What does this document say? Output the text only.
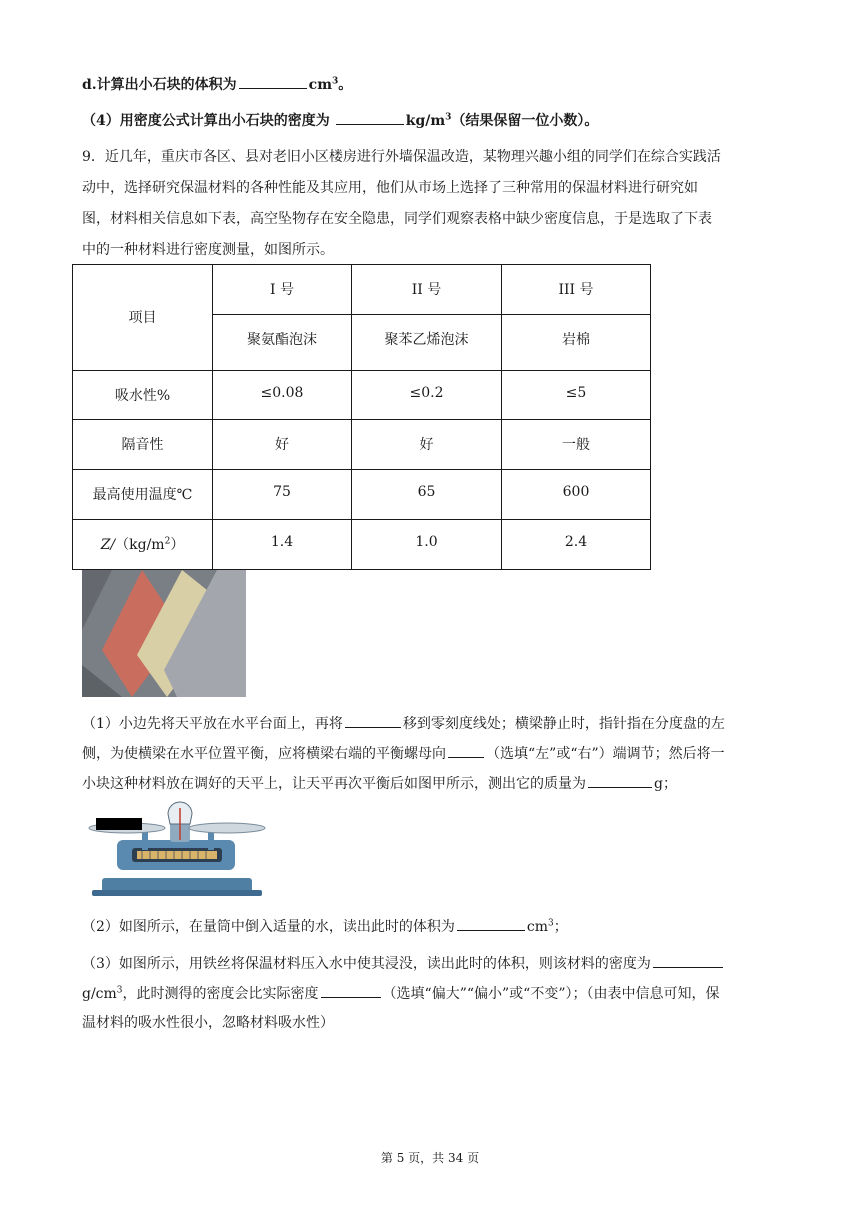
d.计算出小石块的体积为	$cm^3$。
（4）用密度公式计算出小石块的密度为	$kg/m^3$（结果保留一位小数）。
9．近几年，重庆市各区、县对老旧小区楼房进行外墙保温改造，某物理兴趣小组的同学们在综合实践活
动中，选择研究保温材料的各种性能及其应用，他们从市场上选择了三种常用的保温材料进行研究如
图，材料相关信息如下表，高空坠物存在安全隐患，同学们观察表格中缺少密度信息，于是选取了下表
中的一种材料进行密度测量，如图所示。
项目	I 号	II 号	III 号
	聚氨酯泡沫	聚苯乙烯泡沫	岩棉
吸水性%	≤0.08	≤0.2	≤5
隔音性	好	好	一般
最高使用温度℃	75	65	600
$Z/(kg/m^2)$	1.4	1.0	2.4
（1）小边先将天平放在水平台面上，再将	移到零刻度线处；横梁静止时，指针指在分度盘的左
侧，为使横梁在水平位置平衡，应将横梁右端的平衡螺母向	（选填“左”或“右”）端调节；然后将一
小块这种材料放在调好的天平上，让天平再次平衡后如图甲所示，测出它的质量为	g；
（2）如图所示，在量筒中倒入适量的水，读出此时的体积为	$cm^3$；
（3）如图所示，用铁丝将保温材料压入水中使其浸没，读出此时的体积，则该材料的密度为
$g/cm^3$，此时测得的密度会比实际密度	（选填“偏大”“偏小”或“不变”）；（由表中信息可知，保
温材料的吸水性很小，忽略材料吸水性）
第 5 页，共 34 页
